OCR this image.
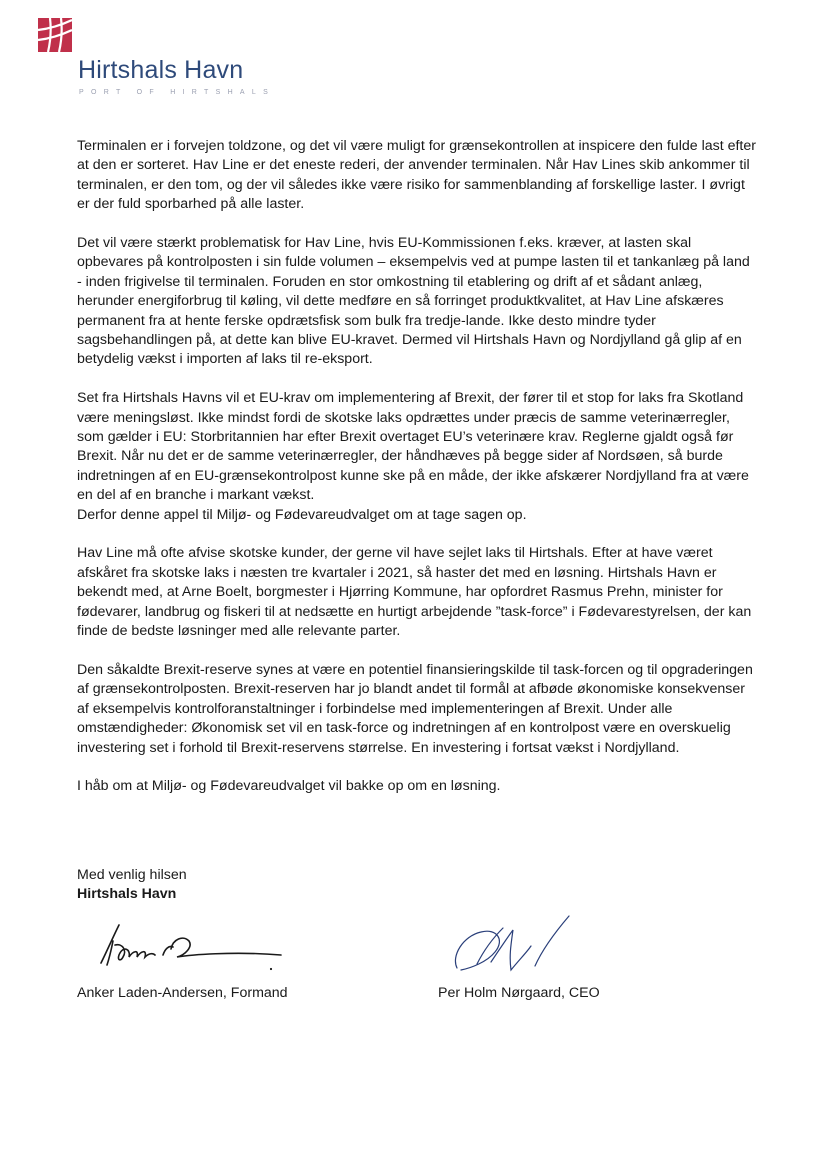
Hirtshals Havn
PORT OF HIRTSHALS

Terminalen er i forvejen toldzone, og det vil være muligt for grænsekontrollen at inspicere den fulde last efter at den er sorteret. Hav Line er det eneste rederi, der anvender terminalen. Når Hav Lines skib ankommer til terminalen, er den tom, og der vil således ikke være risiko for sammenblanding af forskellige laster. I øvrigt er der fuld sporbarhed på alle laster.

Det vil være stærkt problematisk for Hav Line, hvis EU-Kommissionen f.eks. kræver, at lasten skal opbevares på kontrolposten i sin fulde volumen – eksempelvis ved at pumpe lasten til et tankanlæg på land - inden frigivelse til terminalen. Foruden en stor omkostning til etablering og drift af et sådant anlæg, herunder energiforbrug til køling, vil dette medføre en så forringet produktkvalitet, at Hav Line afskæres permanent fra at hente ferske opdrætsfisk som bulk fra tredje-lande. Ikke desto mindre tyder sagsbehandlingen på, at dette kan blive EU-kravet. Dermed vil Hirtshals Havn og Nordjylland gå glip af en betydelig vækst i importen af laks til re-eksport.

Set fra Hirtshals Havns vil et EU-krav om implementering af Brexit, der fører til et stop for laks fra Skotland være meningsløst. Ikke mindst fordi de skotske laks opdrættes under præcis de samme veterinærregler, som gælder i EU: Storbritannien har efter Brexit overtaget EU’s veterinære krav. Reglerne gjaldt også før Brexit. Når nu det er de samme veterinærregler, der håndhæves på begge sider af Nordsøen, så burde indretningen af en EU-grænsekontrolpost kunne ske på en måde, der ikke afskærer Nordjylland fra at være en del af en branche i markant vækst.
Derfor denne appel til Miljø- og Fødevareudvalget om at tage sagen op.

Hav Line må ofte afvise skotske kunder, der gerne vil have sejlet laks til Hirtshals. Efter at have været afskåret fra skotske laks i næsten tre kvartaler i 2021, så haster det med en løsning. Hirtshals Havn er bekendt med, at Arne Boelt, borgmester i Hjørring Kommune, har opfordret Rasmus Prehn, minister for fødevarer, landbrug og fiskeri til at nedsætte en hurtigt arbejdende ”task-force” i Fødevarestyrelsen, der kan finde de bedste løsninger med alle relevante parter.

Den såkaldte Brexit-reserve synes at være en potentiel finansieringskilde til task-forcen og til opgraderingen af grænsekontrolposten. Brexit-reserven har jo blandt andet til formål at afbøde økonomiske konsekvenser af eksempelvis kontrolforanstaltninger i forbindelse med implementeringen af Brexit. Under alle omstændigheder: Økonomisk set vil en task-force og indretningen af en kontrolpost være en overskuelig investering set i forhold til Brexit-reservens størrelse. En investering i fortsat vækst i Nordjylland.

I håb om at Miljø- og Fødevareudvalget vil bakke op om en løsning.

Med venlig hilsen
Hirtshals Havn
Anker Laden-Andersen, Formand	Per Holm Nørgaard, CEO
